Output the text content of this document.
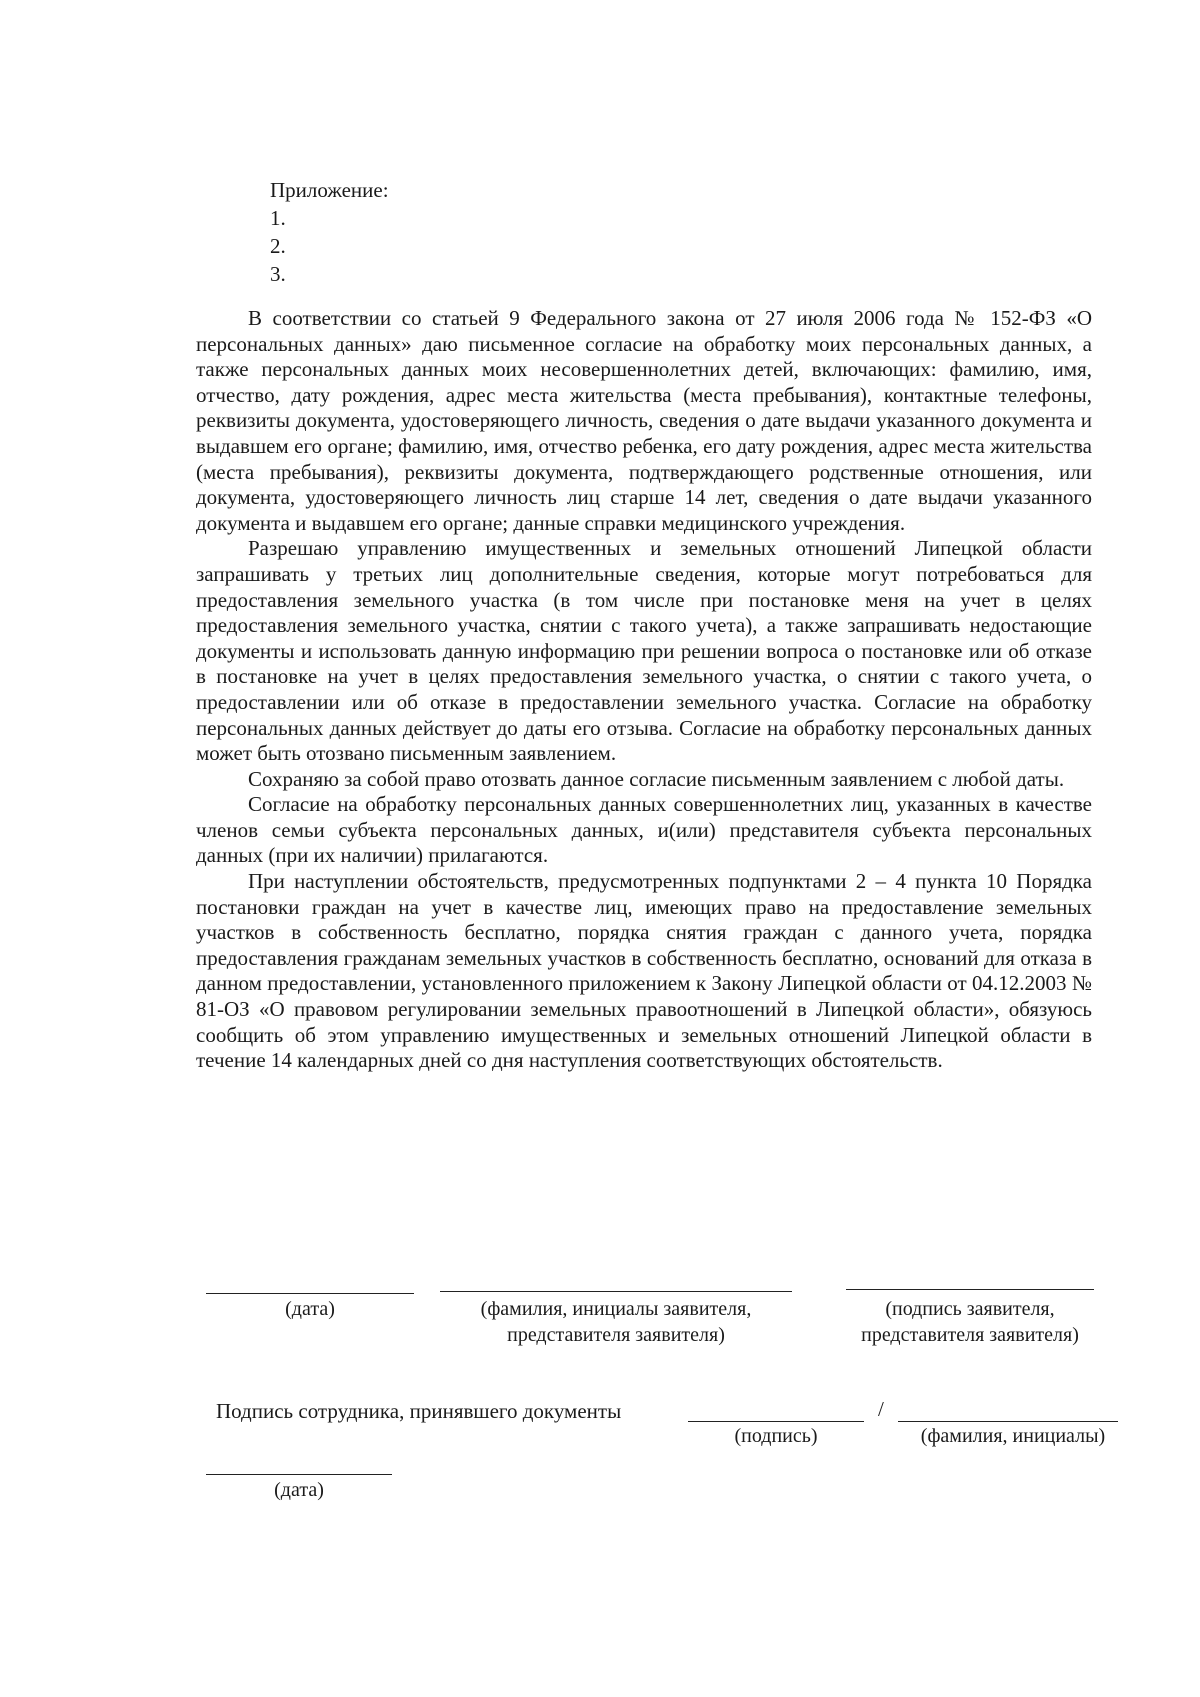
Приложение:
1.
2.
3.

В соответствии со статьей 9 Федерального закона от 27 июля 2006 года № 152-ФЗ «О персональных данных» даю письменное согласие на обработку моих персональных данных, а также персональных данных моих несовершеннолетних детей, включающих: фамилию, имя, отчество, дату рождения, адрес места жительства (места пребывания), контактные телефоны, реквизиты документа, удостоверяющего личность, сведения о дате выдачи указанного документа и выдавшем его органе; фамилию, имя, отчество ребенка, его дату рождения, адрес места жительства (места пребывания), реквизиты документа, подтверждающего родственные отношения, или документа, удостоверяющего личность лиц старше 14 лет, сведения о дате выдачи указанного документа и выдавшем его органе; данные справки медицинского учреждения.

Разрешаю управлению имущественных и земельных отношений Липецкой области запрашивать у третьих лиц дополнительные сведения, которые могут потребоваться для предоставления земельного участка (в том числе при постановке меня на учет в целях предоставления земельного участка, снятии с такого учета), а также запрашивать недостающие документы и использовать данную информацию при решении вопроса о постановке или об отказе в постановке на учет в целях предоставления земельного участка, о снятии с такого учета, о предоставлении или об отказе в предоставлении земельного участка. Согласие на обработку персональных данных действует до даты его отзыва. Согласие на обработку персональных данных может быть отозвано письменным заявлением.

Сохраняю за собой право отозвать данное согласие письменным заявлением с любой даты.

Согласие на обработку персональных данных совершеннолетних лиц, указанных в качестве членов семьи субъекта персональных данных, и(или) представителя субъекта персональных данных (при их наличии) прилагаются.

При наступлении обстоятельств, предусмотренных подпунктами 2 – 4 пункта 10 Порядка постановки граждан на учет в качестве лиц, имеющих право на предоставление земельных участков в собственность бесплатно, порядка снятия граждан с данного учета, порядка предоставления гражданам земельных участков в собственность бесплатно, оснований для отказа в данном предоставлении, установленного приложением к Закону Липецкой области от 04.12.2003 № 81-ОЗ «О правовом регулировании земельных правоотношений в Липецкой области», обязуюсь сообщить об этом управлению имущественных и земельных отношений Липецкой области в течение 14 календарных дней со дня наступления соответствующих обстоятельств.

(дата)	(фамилия, инициалы заявителя,
представителя заявителя)
(подпись заявителя,
представителя заявителя)
Подпись сотрудника, принявшего документы	/
(подпись)	(фамилия, инициалы)
(дата)
